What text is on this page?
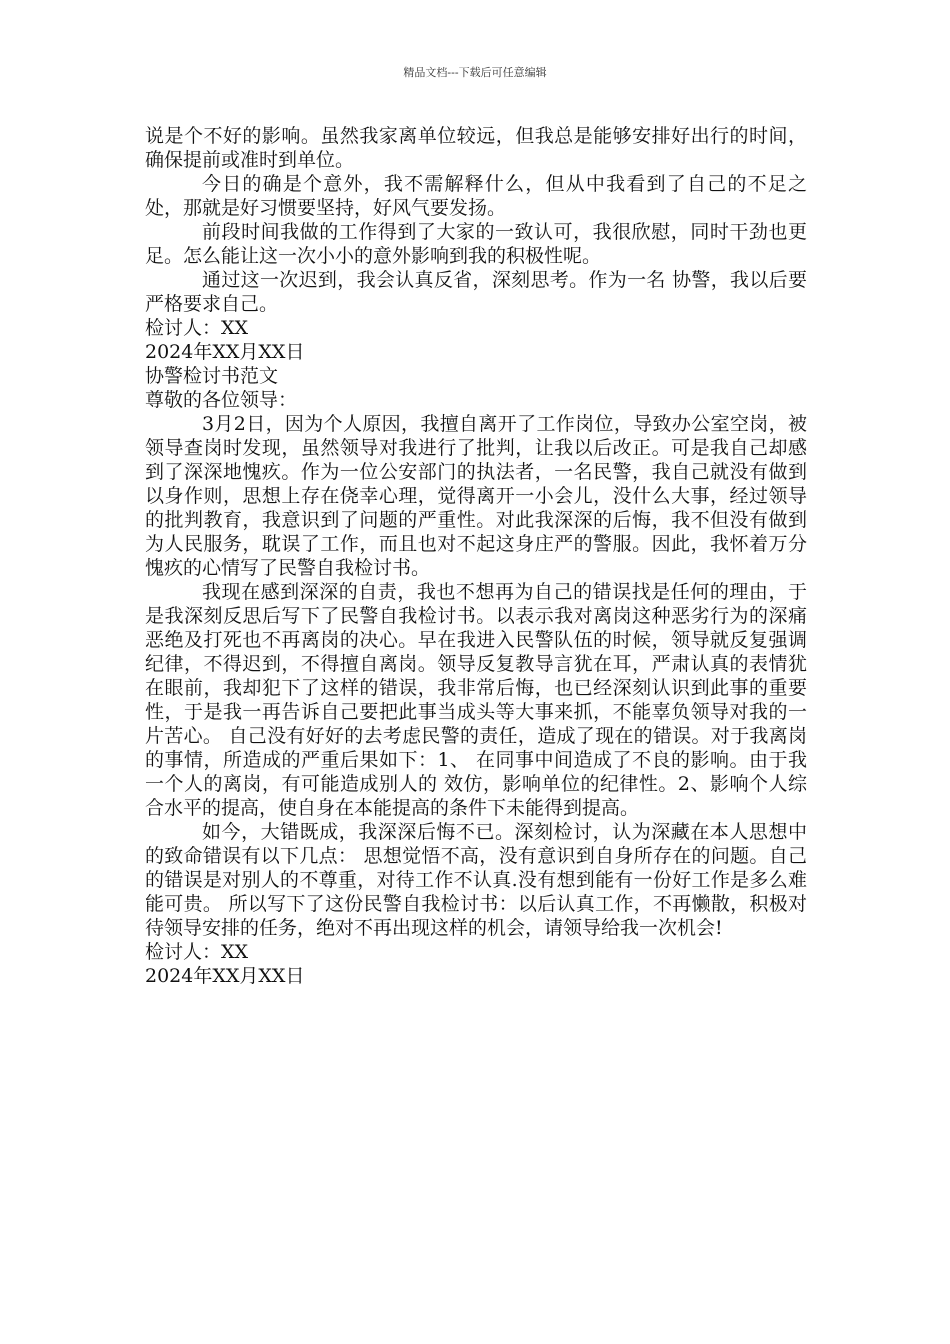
精品文档---下载后可任意编辑

说是个不好的影响。虽然我家离单位较远，但我总是能够安排好出行的时间，确保提前或准时到单位。

今日的确是个意外，我不需解释什么，但从中我看到了自己的不足之处，那就是好习惯要坚持，好风气要发扬。

前段时间我做的工作得到了大家的一致认可，我很欣慰，同时干劲也更足。怎么能让这一次小小的意外影响到我的积极性呢。

通过这一次迟到，我会认真反省，深刻思考。作为一名 协警，我以后要严格要求自己。

检讨人：XX

2024年XX月XX日

协警检讨书范文

尊敬的各位领导：

3月2日，因为个人原因，我擅自离开了工作岗位，导致办公室空岗，被领导查岗时发现，虽然领导对我进行了批判，让我以后改正。可是我自己却感到了深深地愧疚。作为一位公安部门的执法者，一名民警，我自己就没有做到以身作则，思想上存在侥幸心理，觉得离开一小会儿，没什么大事，经过领导的批判教育，我意识到了问题的严重性。对此我深深的后悔，我不但没有做到为人民服务，耽误了工作，而且也对不起这身庄严的警服。因此，我怀着万分愧疚的心情写了民警自我检讨书。

我现在感到深深的自责，我也不想再为自己的错误找是任何的理由，于是我深刻反思后写下了民警自我检讨书。以表示我对离岗这种恶劣行为的深痛恶绝及打死也不再离岗的决心。早在我进入民警队伍的时候，领导就反复强调纪律，不得迟到，不得擅自离岗。领导反复教导言犹在耳，严肃认真的表情犹在眼前，我却犯下了这样的错误，我非常后悔，也已经深刻认识到此事的重要性，于是我一再告诉自己要把此事当成头等大事来抓，不能辜负领导对我的一片苦心。 自己没有好好的去考虑民警的责任，造成了现在的错误。对于我离岗的事情，所造成的严重后果如下：1、 在同事中间造成了不良的影响。由于我一个人的离岗，有可能造成别人的 效仿，影响单位的纪律性。2、影响个人综合水平的提高，使自身在本能提高的条件下未能得到提高。

如今，大错既成，我深深后悔不已。深刻检讨，认为深藏在本人思想中的致命错误有以下几点： 思想觉悟不高，没有意识到自身所存在的问题。自己的错误是对别人的不尊重，对待工作不认真.没有想到能有一份好工作是多么难能可贵。 所以写下了这份民警自我检讨书：以后认真工作，不再懒散，积极对待领导安排的任务，绝对不再出现这样的机会，请领导给我一次机会!

检讨人：XX

2024年XX月XX日
